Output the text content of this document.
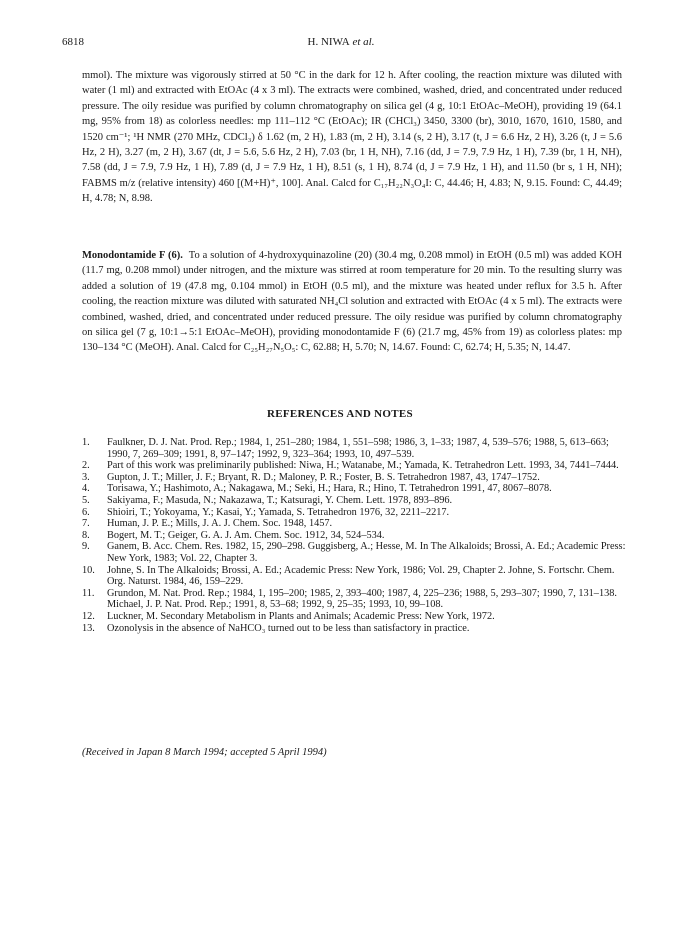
6818	H. NIWA et al.

mmol). The mixture was vigorously stirred at 50 °C in the dark for 12 h. After cooling, the reaction mixture was diluted with water (1 ml) and extracted with EtOAc (4 x 3 ml). The extracts were combined, washed, dried, and concentrated under reduced pressure. The oily residue was purified by column chromatography on silica gel (4 g, 10:1 EtOAc–MeOH), providing 19 (64.1 mg, 95% from 18) as colorless needles: mp 111–112 °C (EtOAc); IR (CHCl₃) 3450, 3300 (br), 3010, 1670, 1610, 1580, and 1520 cm⁻¹; ¹H NMR (270 MHz, CDCl₃) δ 1.62 (m, 2 H), 1.83 (m, 2 H), 3.14 (s, 2 H), 3.17 (t, J = 6.6 Hz, 2 H), 3.26 (t, J = 5.6 Hz, 2 H), 3.27 (m, 2 H), 3.67 (dt, J = 5.6, 5.6 Hz, 2 H), 7.03 (br, 1 H, NH), 7.16 (dd, J = 7.9, 7.9 Hz, 1 H), 7.39 (br, 1 H, NH), 7.58 (dd, J = 7.9, 7.9 Hz, 1 H), 7.89 (d, J = 7.9 Hz, 1 H), 8.51 (s, 1 H), 8.74 (d, J = 7.9 Hz, 1 H), and 11.50 (br s, 1 H, NH); FABMS m/z (relative intensity) 460 [(M+H)⁺, 100]. Anal. Calcd for C₁₇H₂₂N₃O₄I: C, 44.46; H, 4.83; N, 9.15. Found: C, 44.49; H, 4.78; N, 8.98.

Monodontamide F (6). To a solution of 4-hydroxyquinazoline (20) (30.4 mg, 0.208 mmol) in EtOH (0.5 ml) was added KOH (11.7 mg, 0.208 mmol) under nitrogen, and the mixture was stirred at room temperature for 20 min. To the resulting slurry was added a solution of 19 (47.8 mg, 0.104 mmol) in EtOH (0.5 ml), and the mixture was heated under reflux for 3.5 h. After cooling, the reaction mixture was diluted with saturated NH₄Cl solution and extracted with EtOAc (4 x 5 ml). The extracts were combined, washed, dried, and concentrated under reduced pressure. The oily residue was purified by column chromatography on silica gel (7 g, 10:1→5:1 EtOAc–MeOH), providing monodontamide F (6) (21.7 mg, 45% from 19) as colorless plates: mp 130–134 °C (MeOH). Anal. Calcd for C₂₅H₂₇N₅O₅: C, 62.88; H, 5.70; N, 14.67. Found: C, 62.74; H, 5.35; N, 14.47.

REFERENCES AND NOTES
1. Faulkner, D. J. Nat. Prod. Rep.; 1984, 1, 251–280; 1984, 1, 551–598; 1986, 3, 1–33; 1987, 4, 539–576; 1988, 5, 613–663; 1990, 7, 269–309; 1991, 8, 97–147; 1992, 9, 323–364; 1993, 10, 497–539.
2. Part of this work was preliminarily published: Niwa, H.; Watanabe, M.; Yamada, K. Tetrahedron Lett. 1993, 34, 7441–7444.
3. Gupton, J. T.; Miller, J. F.; Bryant, R. D.; Maloney, P. R.; Foster, B. S. Tetrahedron 1987, 43, 1747–1752.
4. Torisawa, Y.; Hashimoto, A.; Nakagawa, M.; Seki, H.; Hara, R.; Hino, T. Tetrahedron 1991, 47, 8067–8078.
5. Sakiyama, F.; Masuda, N.; Nakazawa, T.; Katsuragi, Y. Chem. Lett. 1978, 893–896.
6. Shioiri, T.; Yokoyama, Y.; Kasai, Y.; Yamada, S. Tetrahedron 1976, 32, 2211–2217.
7. Human, J. P. E.; Mills, J. A. J. Chem. Soc. 1948, 1457.
8. Bogert, M. T.; Geiger, G. A. J. Am. Chem. Soc. 1912, 34, 524–534.
9. Ganem, B. Acc. Chem. Res. 1982, 15, 290–298. Guggisberg, A.; Hesse, M. In The Alkaloids; Brossi, A. Ed.; Academic Press: New York, 1983; Vol. 22, Chapter 3.
10. Johne, S. In The Alkaloids; Brossi, A. Ed.; Academic Press: New York, 1986; Vol. 29, Chapter 2. Johne, S. Fortschr. Chem. Org. Naturst. 1984, 46, 159–229.
11. Grundon, M. Nat. Prod. Rep.; 1984, 1, 195–200; 1985, 2, 393–400; 1987, 4, 225–236; 1988, 5, 293–307; 1990, 7, 131–138. Michael, J. P. Nat. Prod. Rep.; 1991, 8, 53–68; 1992, 9, 25–35; 1993, 10, 99–108.
12. Luckner, M. Secondary Metabolism in Plants and Animals; Academic Press: New York, 1972.
13. Ozonolysis in the absence of NaHCO₃ turned out to be less than satisfactory in practice.
(Received in Japan 8 March 1994; accepted 5 April 1994)
